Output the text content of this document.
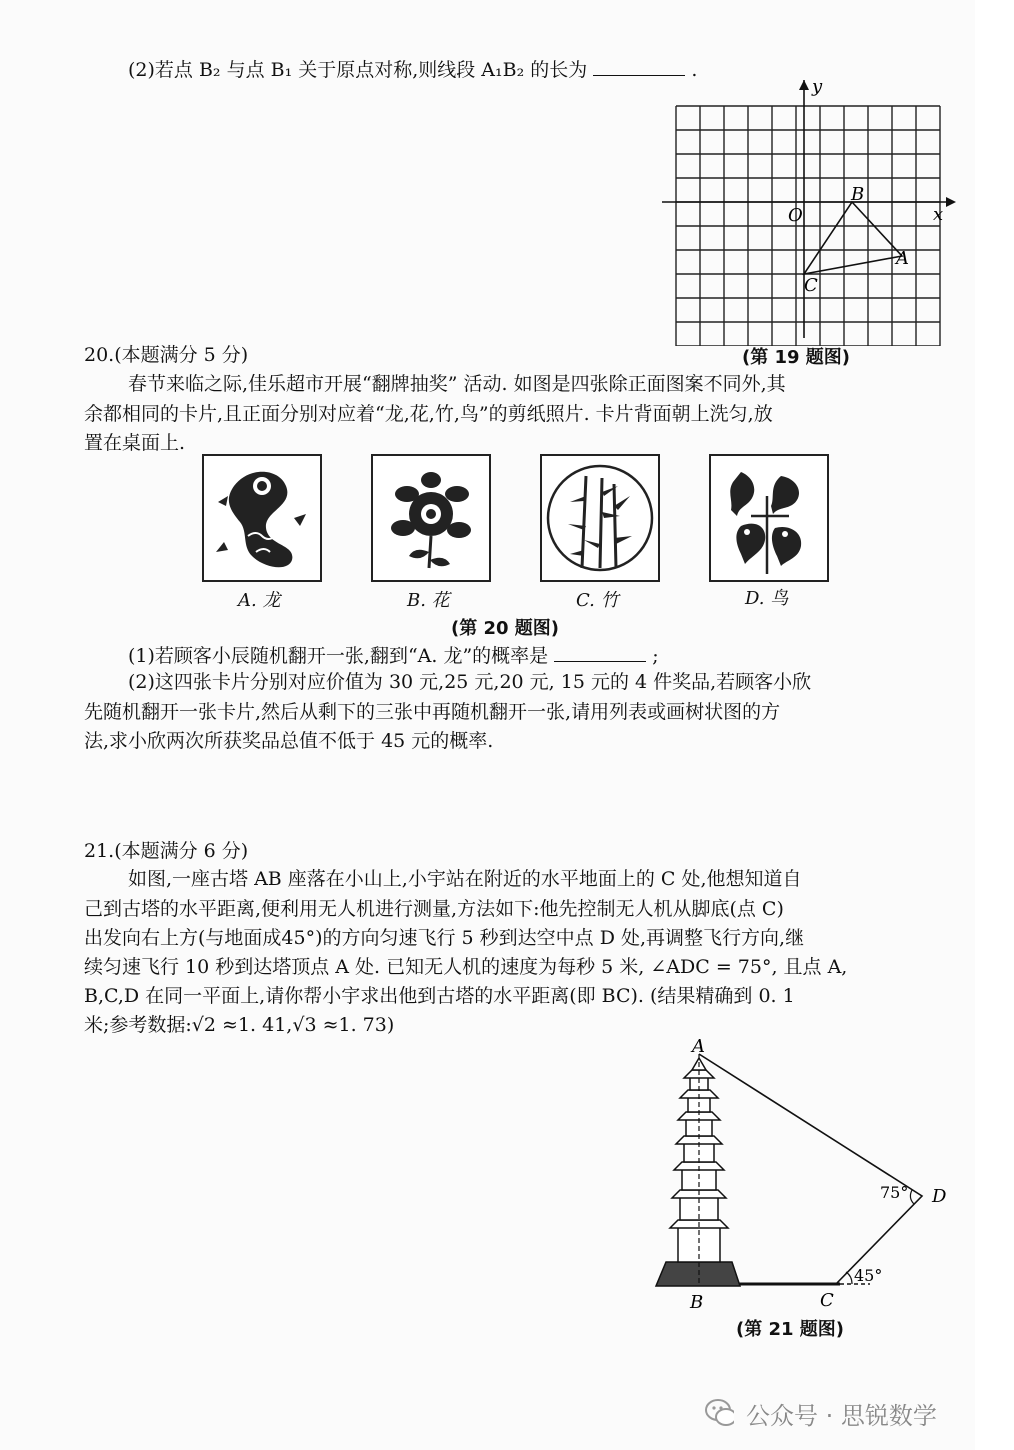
(2)若点 B₂ 与点 B₁ 关于原点对称,则线段 A₁B₂ 的长为	.
y
x
O
B
A
C
(第 19 题图)
20.(本题满分 5 分)
春节来临之际,佳乐超市开展“翻牌抽奖” 活动. 如图是四张除正面图案不同外,其
余都相同的卡片,且正面分别对应着“龙,花,竹,鸟”的剪纸照片. 卡片背面朝上洗匀,放
置在桌面上.
A. 龙	B. 花	C. 竹	D. 鸟
(第 20 题图)
(1)若顾客小辰随机翻开一张,翻到“A. 龙”的概率是	;
(2)这四张卡片分别对应价值为 30 元,25 元,20 元, 15 元的 4 件奖品,若顾客小欣
先随机翻开一张卡片,然后从剩下的三张中再随机翻开一张,请用列表或画树状图的方
法,求小欣两次所获奖品总值不低于 45 元的概率.
21.(本题满分 6 分)
如图,一座古塔 AB 座落在小山上,小宇站在附近的水平地面上的 C 处,他想知道自
己到古塔的水平距离,便利用无人机进行测量,方法如下:他先控制无人机从脚底(点 C)
出发向右上方(与地面成45°)的方向匀速飞行 5 秒到达空中点 D 处,再调整飞行方向,继
续匀速飞行 10 秒到达塔顶点 A 处. 已知无人机的速度为每秒 5 米, ∠ADC = 75°, 且点 A,
B,C,D 在同一平面上,请你帮小宇求出他到古塔的水平距离(即 BC). (结果精确到 0. 1
米;参考数据:√2 ≈1. 41,√3 ≈1. 73)
A
B	C
D
75°
45°
(第 21 题图)
公众号 · 思锐数学
